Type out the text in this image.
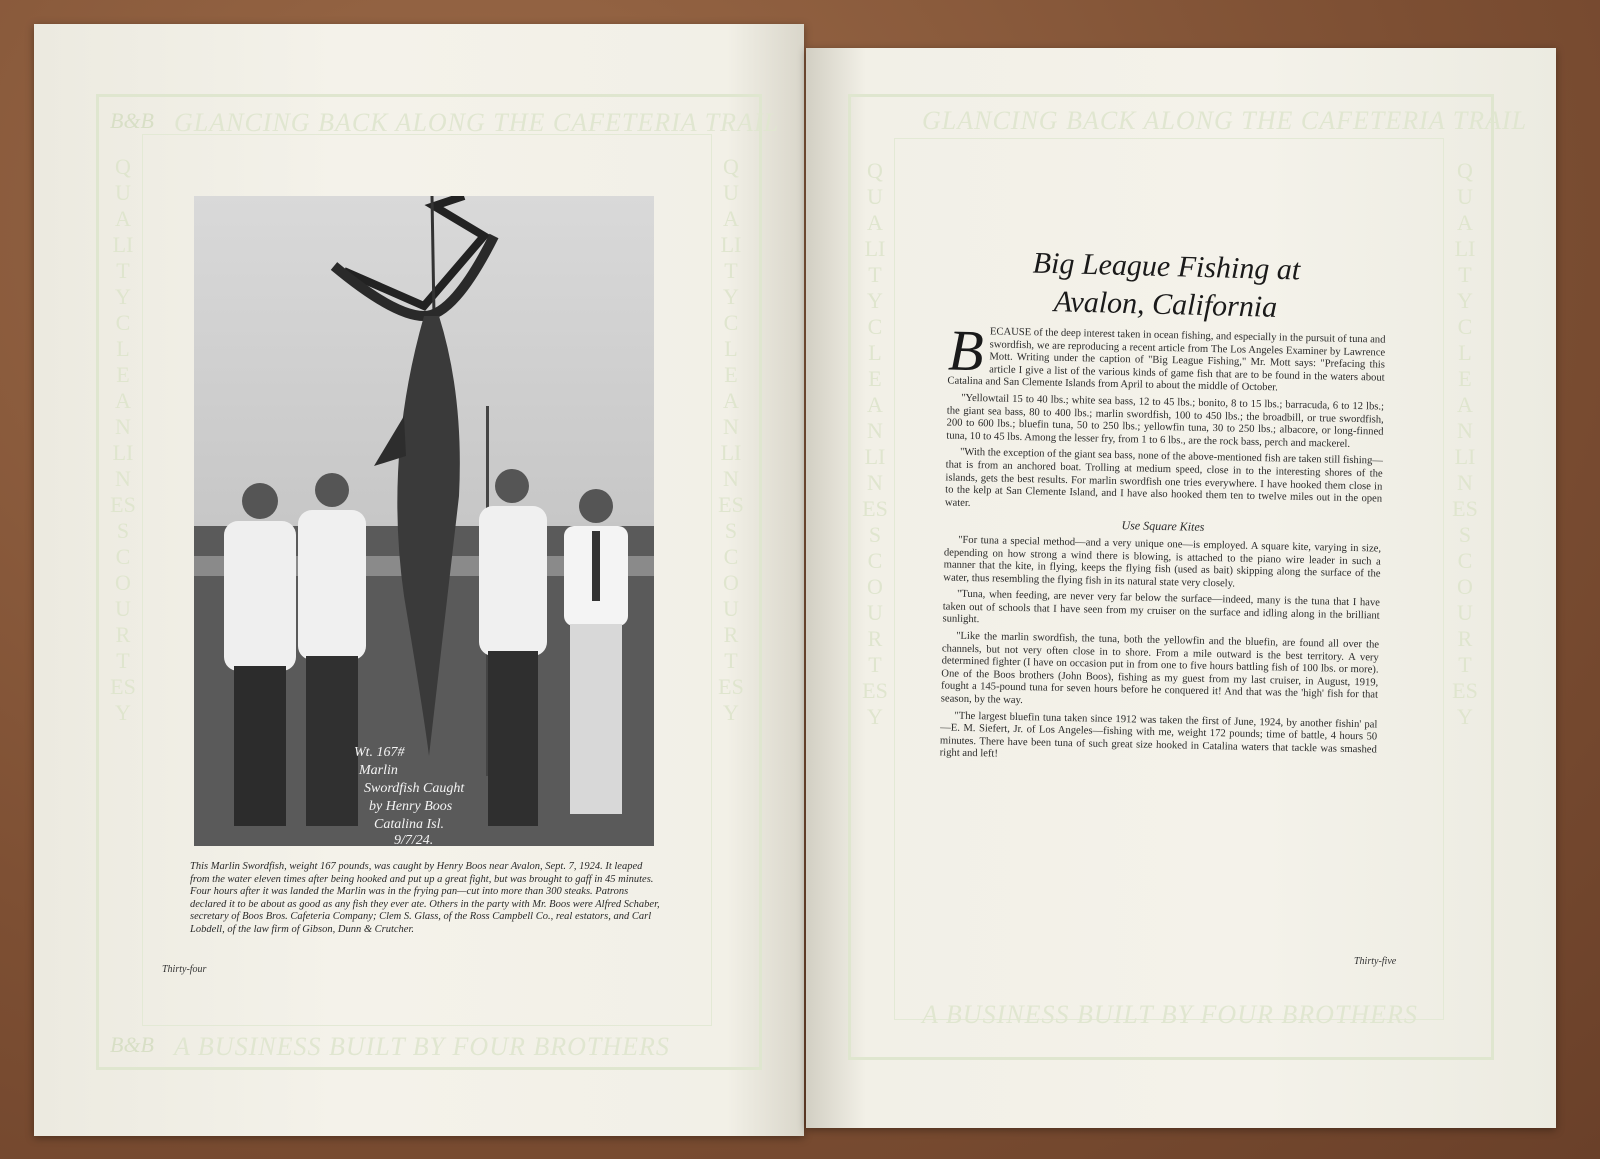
GLANCING BACK ALONG THE CAFETERIA TRAIL
A BUSINESS BUILT BY FOUR BROTHERS
QUALITY CLEANLINESS COURTESY
QUALITY CLEANLINESS COURTESY
B&B
B&B
Wt. 167#
Marlin
Swordfish Caught
by Henry Boos
Catalina Isl.
9/7/24.
This Marlin Swordfish, weight 167 pounds, was caught by Henry Boos near Avalon, Sept. 7, 1924. It leaped from the water eleven times after being hooked and put up a great fight, but was brought to gaff in 45 minutes. Four hours after it was landed the Marlin was in the frying pan—cut into more than 300 steaks. Patrons declared it to be about as good as any fish they ever ate. Others in the party with Mr. Boos were Alfred Schaber, secretary of Boos Bros. Cafeteria Company; Clem S. Glass, of the Ross Campbell Co., real estators, and Carl Lobdell, of the law firm of Gibson, Dunn & Crutcher.
Thirty-four
GLANCING BACK ALONG THE CAFETERIA TRAIL
A BUSINESS BUILT BY FOUR BROTHERS
QUALITY CLEANLINESS COURTESY
QUALITY CLEANLINESS COURTESY
Big League Fishing at
Avalon, California

B ECAUSE of the deep interest taken in ocean fishing, and especially in the pursuit of tuna and swordfish, we are reproducing a recent article from The Los Angeles Examiner by Lawrence Mott. Writing under the caption of "Big League Fishing," Mr. Mott says: "Prefacing this article I give a list of the various kinds of game fish that are to be found in the waters about Catalina and San Clemente Islands from April to about the middle of October.

"Yellowtail 15 to 40 lbs.; white sea bass, 12 to 45 lbs.; bonito, 8 to 15 lbs.; barracuda, 6 to 12 lbs.; the giant sea bass, 80 to 400 lbs.; marlin swordfish, 100 to 450 lbs.; the broadbill, or true swordfish, 200 to 600 lbs.; bluefin tuna, 50 to 250 lbs.; yellowfin tuna, 30 to 250 lbs.; albacore, or long-finned tuna, 10 to 45 lbs. Among the lesser fry, from 1 to 6 lbs., are the rock bass, perch and mackerel.

"With the exception of the giant sea bass, none of the above-mentioned fish are taken still fishing—that is from an anchored boat. Trolling at medium speed, close in to the interesting shores of the islands, gets the best results. For marlin swordfish one tries everywhere. I have hooked them close in to the kelp at San Clemente Island, and I have also hooked them ten to twelve miles out in the open water.

Use Square Kites

"For tuna a special method—and a very unique one—is employed. A square kite, varying in size, depending on how strong a wind there is blowing, is attached to the piano wire leader in such a manner that the kite, in flying, keeps the flying fish (used as bait) skipping along the surface of the water, thus resembling the flying fish in its natural state very closely.

"Tuna, when feeding, are never very far below the surface—indeed, many is the tuna that I have taken out of schools that I have seen from my cruiser on the surface and idling along in the brilliant sunlight.

"Like the marlin swordfish, the tuna, both the yellowfin and the bluefin, are found all over the channels, but not very often close in to shore. From a mile outward is the best territory. A very determined fighter (I have on occasion put in from one to five hours battling fish of 100 lbs. or more). One of the Boos brothers (John Boos), fishing as my guest from my last cruiser, in August, 1919, fought a 145-pound tuna for seven hours before he conquered it! And that was the 'high' fish for that season, by the way.

"The largest bluefin tuna taken since 1912 was taken the first of June, 1924, by another fishin' pal—E. M. Siefert, Jr. of Los Angeles—fishing with me, weight 172 pounds; time of battle, 4 hours 50 minutes. There have been tuna of such great size hooked in Catalina waters that tackle was smashed right and left!

Thirty-five
